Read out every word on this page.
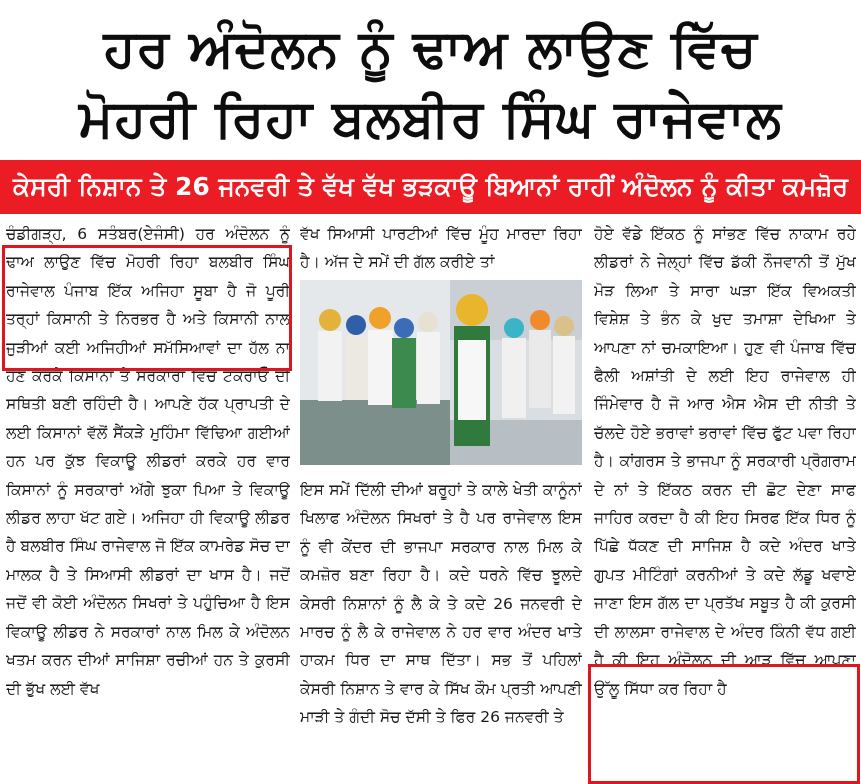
ਹਰ ਅੰਦੋਲਨ ਨੂੰ ਢਾਅ ਲਾਉਣ ਵਿੱਚ
ਮੋਹਰੀ ਰਿਹਾ ਬਲਬੀਰ ਸਿੰਘ ਰਾਜੇਵਾਲ
ਕੇਸਰੀ ਨਿਸ਼ਾਨ ਤੇ 26 ਜਨਵਰੀ ਤੇ ਵੱਖ ਵੱਖ ਭੜਕਾਊ ਬਿਆਨਾਂ ਰਾਹੀਂ ਅੰਦੋਲਨ ਨੂੰ ਕੀਤਾ ਕਮਜ਼ੋਰ

ਚੰਡੀਗੜ੍ਹ, 6 ਸਤੰਬਰ(ਏਜੰਸੀ) ਹਰ ਅੰਦੋਲਨ ਨੂੰ ਢਾਅ ਲਾਉਣ ਵਿੱਚ ਮੋਹਰੀ ਰਿਹਾ ਬਲਬੀਰ ਸਿੰਘ ਰਾਜੇਵਾਲ ਪੰਜਾਬ ਇੱਕ ਅਜਿਹਾ ਸੂਬਾ ਹੈ ਜੋ ਪੂਰੀ ਤਰ੍ਹਾਂ ਕਿਸਾਨੀ ਤੇ ਨਿਰਭਰ ਹੈ ਅਤੇ ਕਿਸਾਨੀ ਨਾਲ ਜੁੜੀਆਂ ਕਈ ਅਜਿਹੀਆਂ ਸਮੱਸਿਆਵਾਂ ਦਾ ਹੱਲ ਨਾ ਹੋਣ ਕਰਕੇ ਕਿਸਾਨਾਂ ਤੇ ਸਰਕਾਰਾਂ ਵਿੱਚ ਟਕਰਾਓ ਦੀ ਸਥਿਤੀ ਬਣੀ ਰਹਿੰਦੀ ਹੈ। ਆਪਣੇ ਹੱਕ ਪ੍ਰਾਪਤੀ ਦੇ ਲਈ ਕਿਸਾਨਾਂ ਵੱਲੋਂ ਸੈਂਕੜੇ ਮੁਹਿੰਮਾ ਵਿੱਢਿਆ ਗਈਆਂ ਹਨ ਪਰ ਕੁੱਝ ਵਿਕਾਊ ਲੀਡਰਾਂ ਕਰਕੇ ਹਰ ਵਾਰ ਕਿਸਾਨਾਂ ਨੂੰ ਸਰਕਾਰਾਂ ਅੱਗੇ ਝੁਕਾ ਪਿਆ ਤੇ ਵਿਕਾਊ ਲੀਡਰ ਲਾਹਾ ਖੱਟ ਗਏ। ਅਜਿਹਾ ਹੀ ਵਿਕਾਊ ਲੀਡਰ ਹੈ ਬਲਬੀਰ ਸਿੰਘ ਰਾਜੇਵਾਲ ਜੋ ਇੱਕ ਕਾਮਰੇਡ ਸੋਚ ਦਾ ਮਾਲਕ ਹੈ ਤੇ ਸਿਆਸੀ ਲੀਡਰਾਂ ਦਾ ਖਾਸ ਹੈ। ਜਦੋਂ ਜਦੋਂ ਵੀ ਕੋਈ ਅੰਦੋਲਨ ਸਿਖਰਾਂ ਤੇ ਪਹੁੰਚਿਆ ਹੈ ਇਸ ਵਿਕਾਊ ਲੀਡਰ ਨੇ ਸਰਕਾਰਾਂ ਨਾਲ ਮਿਲ ਕੇ ਅੰਦੋਲਨ ਖਤਮ ਕਰਨ ਦੀਆਂ ਸਾਜਿਸ਼ਾ ਰਚੀਆਂ ਹਨ ਤੇ ਕੁਰਸੀ ਦੀ ਭੁੱਖ ਲਈ ਵੱਖ

ਵੱਖ ਸਿਆਸੀ ਪਾਰਟੀਆਂ ਵਿੱਚ ਮੂੰਹ ਮਾਰਦਾ ਰਿਹਾ ਹੈ। ਅੱਜ ਦੇ ਸਮੇਂ ਦੀ ਗੱਲ ਕਰੀਏ ਤਾਂ

ਇਸ ਸਮੇਂ ਦਿੱਲੀ ਦੀਆਂ ਬਰੂਹਾਂ ਤੇ ਕਾਲੇ ਖੇਤੀ ਕਾਨੂੰਨਾਂ ਖਿਲਾਫ ਅੰਦੋਲਨ ਸਿਖਰਾਂ ਤੇ ਹੈ ਪਰ ਰਾਜੇਵਾਲ ਇਸ ਨੂੰ ਵੀ ਕੇਂਦਰ ਦੀ ਭਾਜਪਾ ਸਰਕਾਰ ਨਾਲ ਮਿਲ ਕੇ ਕਮਜ਼ੋਰ ਬਣਾ ਰਿਹਾ ਹੈ। ਕਦੇ ਧਰਨੇ ਵਿੱਚ ਝੂਲਦੇ ਕੇਸਰੀ ਨਿਸ਼ਾਨਾਂ ਨੂੰ ਲੈ ਕੇ ਤੇ ਕਦੇ 26 ਜਨਵਰੀ ਦੇ ਮਾਰਚ ਨੂੰ ਲੈ ਕੇ ਰਾਜੇਵਾਲ ਨੇ ਹਰ ਵਾਰ ਅੰਦਰ ਖਾਤੇ ਹਾਕਮ ਧਿਰ ਦਾ ਸਾਥ ਦਿੱਤਾ। ਸਭ ਤੋਂ ਪਹਿਲਾਂ ਕੇਸਰੀ ਨਿਸ਼ਾਨ ਤੇ ਵਾਰ ਕੇ ਸਿੱਖ ਕੌਮ ਪ੍ਰਤੀ ਆਪਣੀ ਮਾੜੀ ਤੇ ਗੰਦੀ ਸੋਚ ਦੱਸੀ ਤੇ ਫਿਰ 26 ਜਨਵਰੀ ਤੇ

ਹੋਏ ਵੱਡੇ ਇੱਕਠ ਨੂੰ ਸਾਂਭਣ ਵਿੱਚ ਨਾਕਾਮ ਰਹੇ ਲੀਡਰਾਂ ਨੇ ਜੇਲ੍ਹਾਂ ਵਿੱਚ ਡੱਕੀ ਨੌਜਵਾਨੀ ਤੋਂ ਮੁੱਖ ਮੋੜ ਲਿਆ ਤੇ ਸਾਰਾ ਘੜਾ ਇੱਕ ਵਿਅਕਤੀ ਵਿਸ਼ੇਸ਼ ਤੇ ਭੰਨ ਕੇ ਖੁਦ ਤਮਾਸ਼ਾ ਦੇਖਿਆ ਤੇ ਆਪਣਾ ਨਾਂ ਚਮਕਾਇਆ। ਹੁਣ ਵੀ ਪੰਜਾਬ ਵਿੱਚ ਫੈਲੀ ਅਸ਼ਾਂਤੀ ਦੇ ਲਈ ਇਹ ਰਾਜੇਵਾਲ ਹੀ ਜਿੰਮੇਵਾਰ ਹੈ ਜੋ ਆਰ ਐਸ ਐਸ ਦੀ ਨੀਤੀ ਤੇ ਚੱਲਦੇ ਹੋਏ ਭਰਾਵਾਂ ਭਰਾਵਾਂ ਵਿੱਚ ਫੁੱਟ ਪਵਾ ਰਿਹਾ ਹੈ। ਕਾਂਗਰਸ ਤੇ ਭਾਜਪਾ ਨੂੰ ਸਰਕਾਰੀ ਪ੍ਰੋਗਰਾਮ ਦੇ ਨਾਂ ਤੇ ਇੱਕਠ ਕਰਨ ਦੀ ਛੋਟ ਦੇਣਾ ਸਾਫ ਜਾਹਿਰ ਕਰਦਾ ਹੈ ਕੀ ਇਹ ਸਿਰਫ ਇੱਕ ਧਿਰ ਨੂੰ ਪਿੱਛੇ ਧੱਕਣ ਦੀ ਸਾਜਿਸ਼ ਹੈ ਕਦੇ ਅੰਦਰ ਖਾਤੇ ਗੁਪਤ ਮੀਟਿੰਗਾਂ ਕਰਨੀਆਂ ਤੇ ਕਦੇ ਲੱਡੂ ਖਵਾਏ ਜਾਣਾ ਇਸ ਗੱਲ ਦਾ ਪ੍ਰਤੱਖ ਸਬੂਤ ਹੈ ਕੀ ਕੁਰਸੀ ਦੀ ਲਾਲਸਾ ਰਾਜੇਵਾਲ ਦੇ ਅੰਦਰ ਕਿੰਨੀ ਵੱਧ ਗਈ ਹੈ ਕੀ ਇਹ ਅੰਦੋਲਨ ਦੀ ਆੜ ਵਿੱਚ ਆਪਣਾ ਉੱਲੂ ਸਿੱਧਾ ਕਰ ਰਿਹਾ ਹੈ
